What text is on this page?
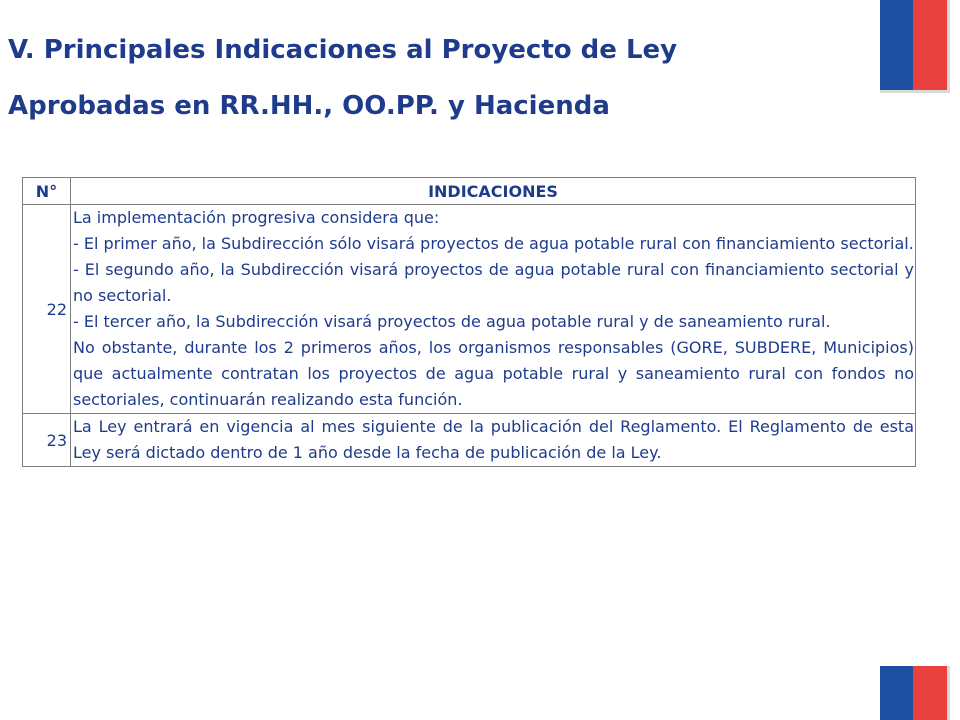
V. Principales Indicaciones al Proyecto de Ley
Aprobadas en RR.HH., OO.PP. y Hacienda
N°	INDICACIONES
22	La implementación progresiva considera que:

- El primer año, la Subdirección sólo visará proyectos de agua potable rural con financiamiento sectorial.

- El segundo año, la Subdirección visará proyectos de agua potable rural con financiamiento sectorial y no sectorial.

- El tercer año, la Subdirección visará proyectos de agua potable rural y de saneamiento rural.

No obstante, durante los 2 primeros años, los organismos responsables (GORE, SUBDERE, Municipios) que actualmente contratan los proyectos de agua potable rural y saneamiento rural con fondos no sectoriales, continuarán realizando esta función.

23	La Ley entrará en vigencia al mes siguiente de la publicación del Reglamento. El Reglamento de esta Ley será dictado dentro de 1 año desde la fecha de publicación de la Ley.
